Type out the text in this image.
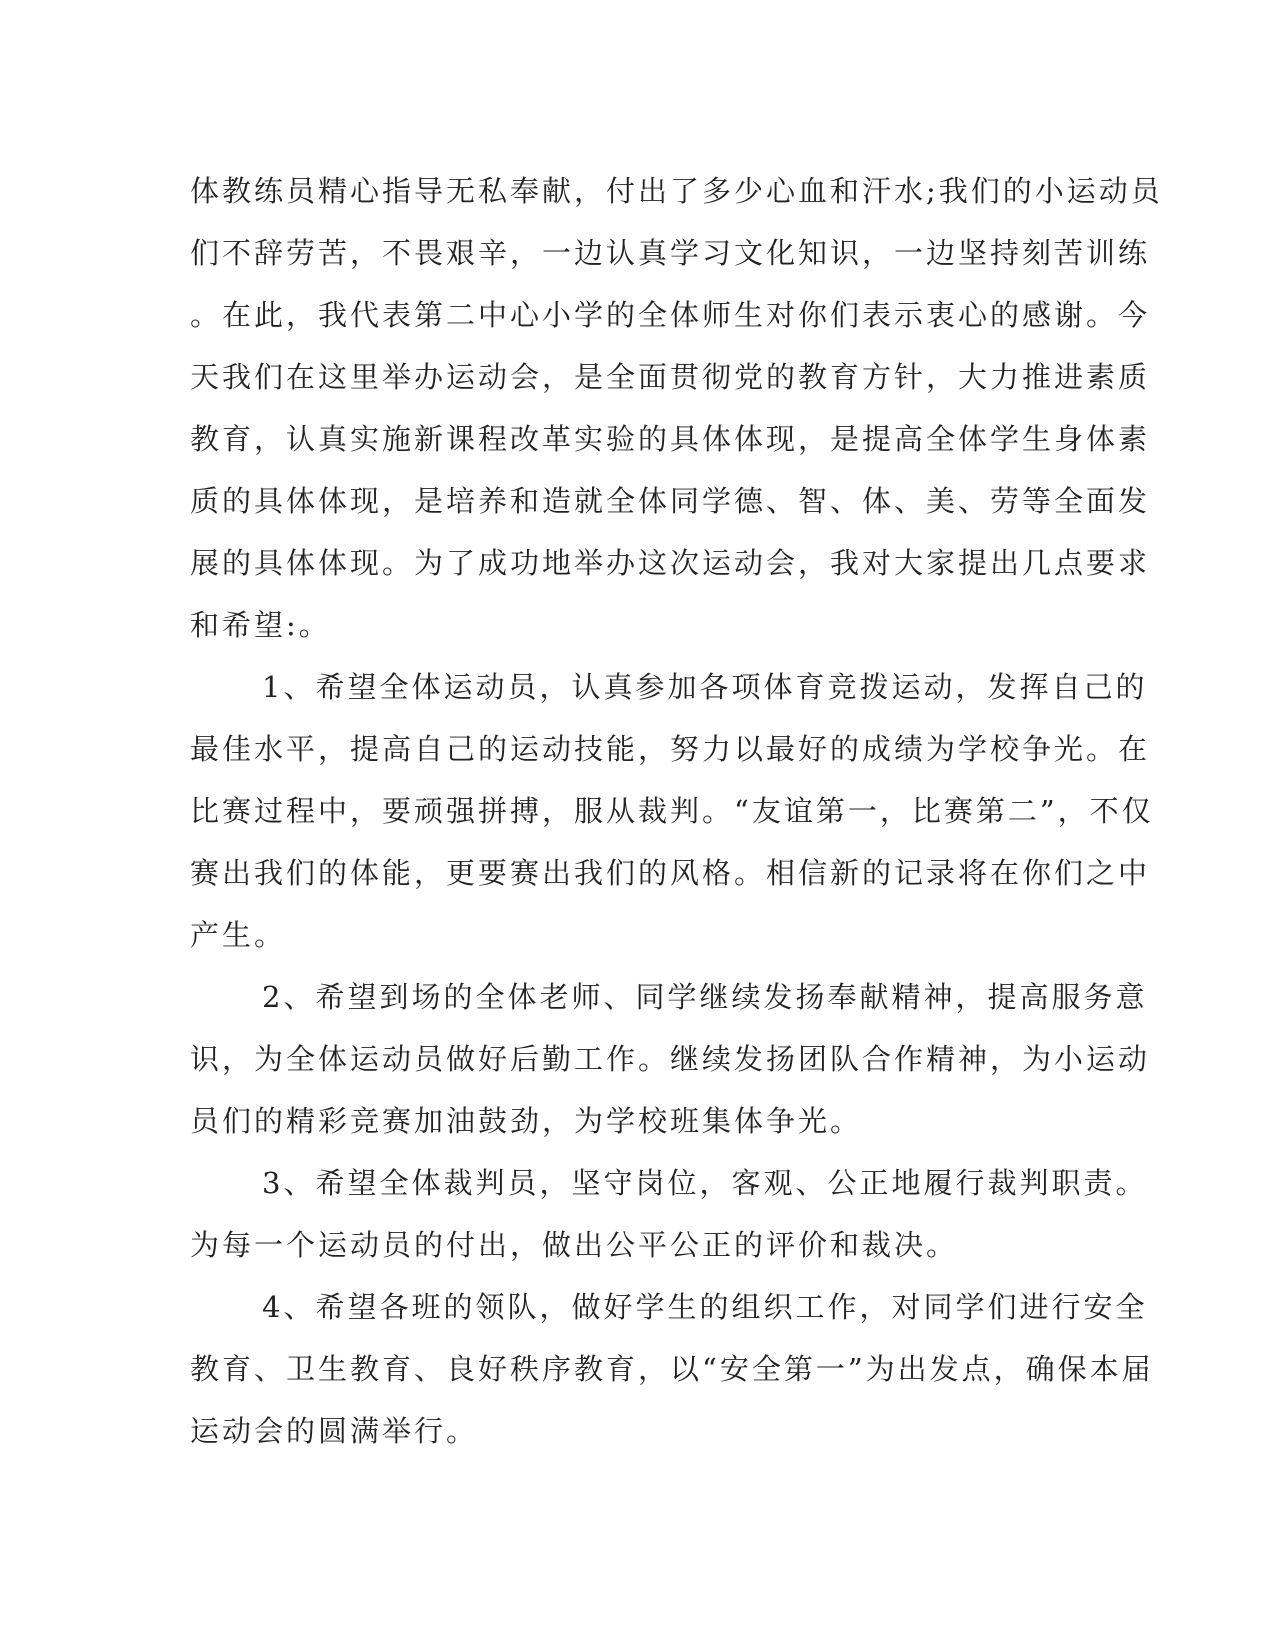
体教练员精心指导无私奉献，付出了多少心血和汗水;我们的小运动员
们不辞劳苦，不畏艰辛，一边认真学习文化知识，一边坚持刻苦训练
。在此，我代表第二中心小学的全体师生对你们表示衷心的感谢。今
天我们在这里举办运动会，是全面贯彻党的教育方针，大力推进素质
教育，认真实施新课程改革实验的具体体现，是提高全体学生身体素
质的具体体现，是培养和造就全体同学德、智、体、美、劳等全面发
展的具体体现。为了成功地举办这次运动会，我对大家提出几点要求
和希望:。
1、希望全体运动员，认真参加各项体育竞拨运动，发挥自己的
最佳水平，提高自己的运动技能，努力以最好的成绩为学校争光。在
比赛过程中，要顽强拼搏，服从裁判。“友谊第一，比赛第二”，不仅
赛出我们的体能，更要赛出我们的风格。相信新的记录将在你们之中
产生。
2、希望到场的全体老师、同学继续发扬奉献精神，提高服务意
识，为全体运动员做好后勤工作。继续发扬团队合作精神，为小运动
员们的精彩竞赛加油鼓劲，为学校班集体争光。
3、希望全体裁判员，坚守岗位，客观、公正地履行裁判职责。
为每一个运动员的付出，做出公平公正的评价和裁决。
4、希望各班的领队，做好学生的组织工作，对同学们进行安全
教育、卫生教育、良好秩序教育，以“安全第一”为出发点，确保本届
运动会的圆满举行。
